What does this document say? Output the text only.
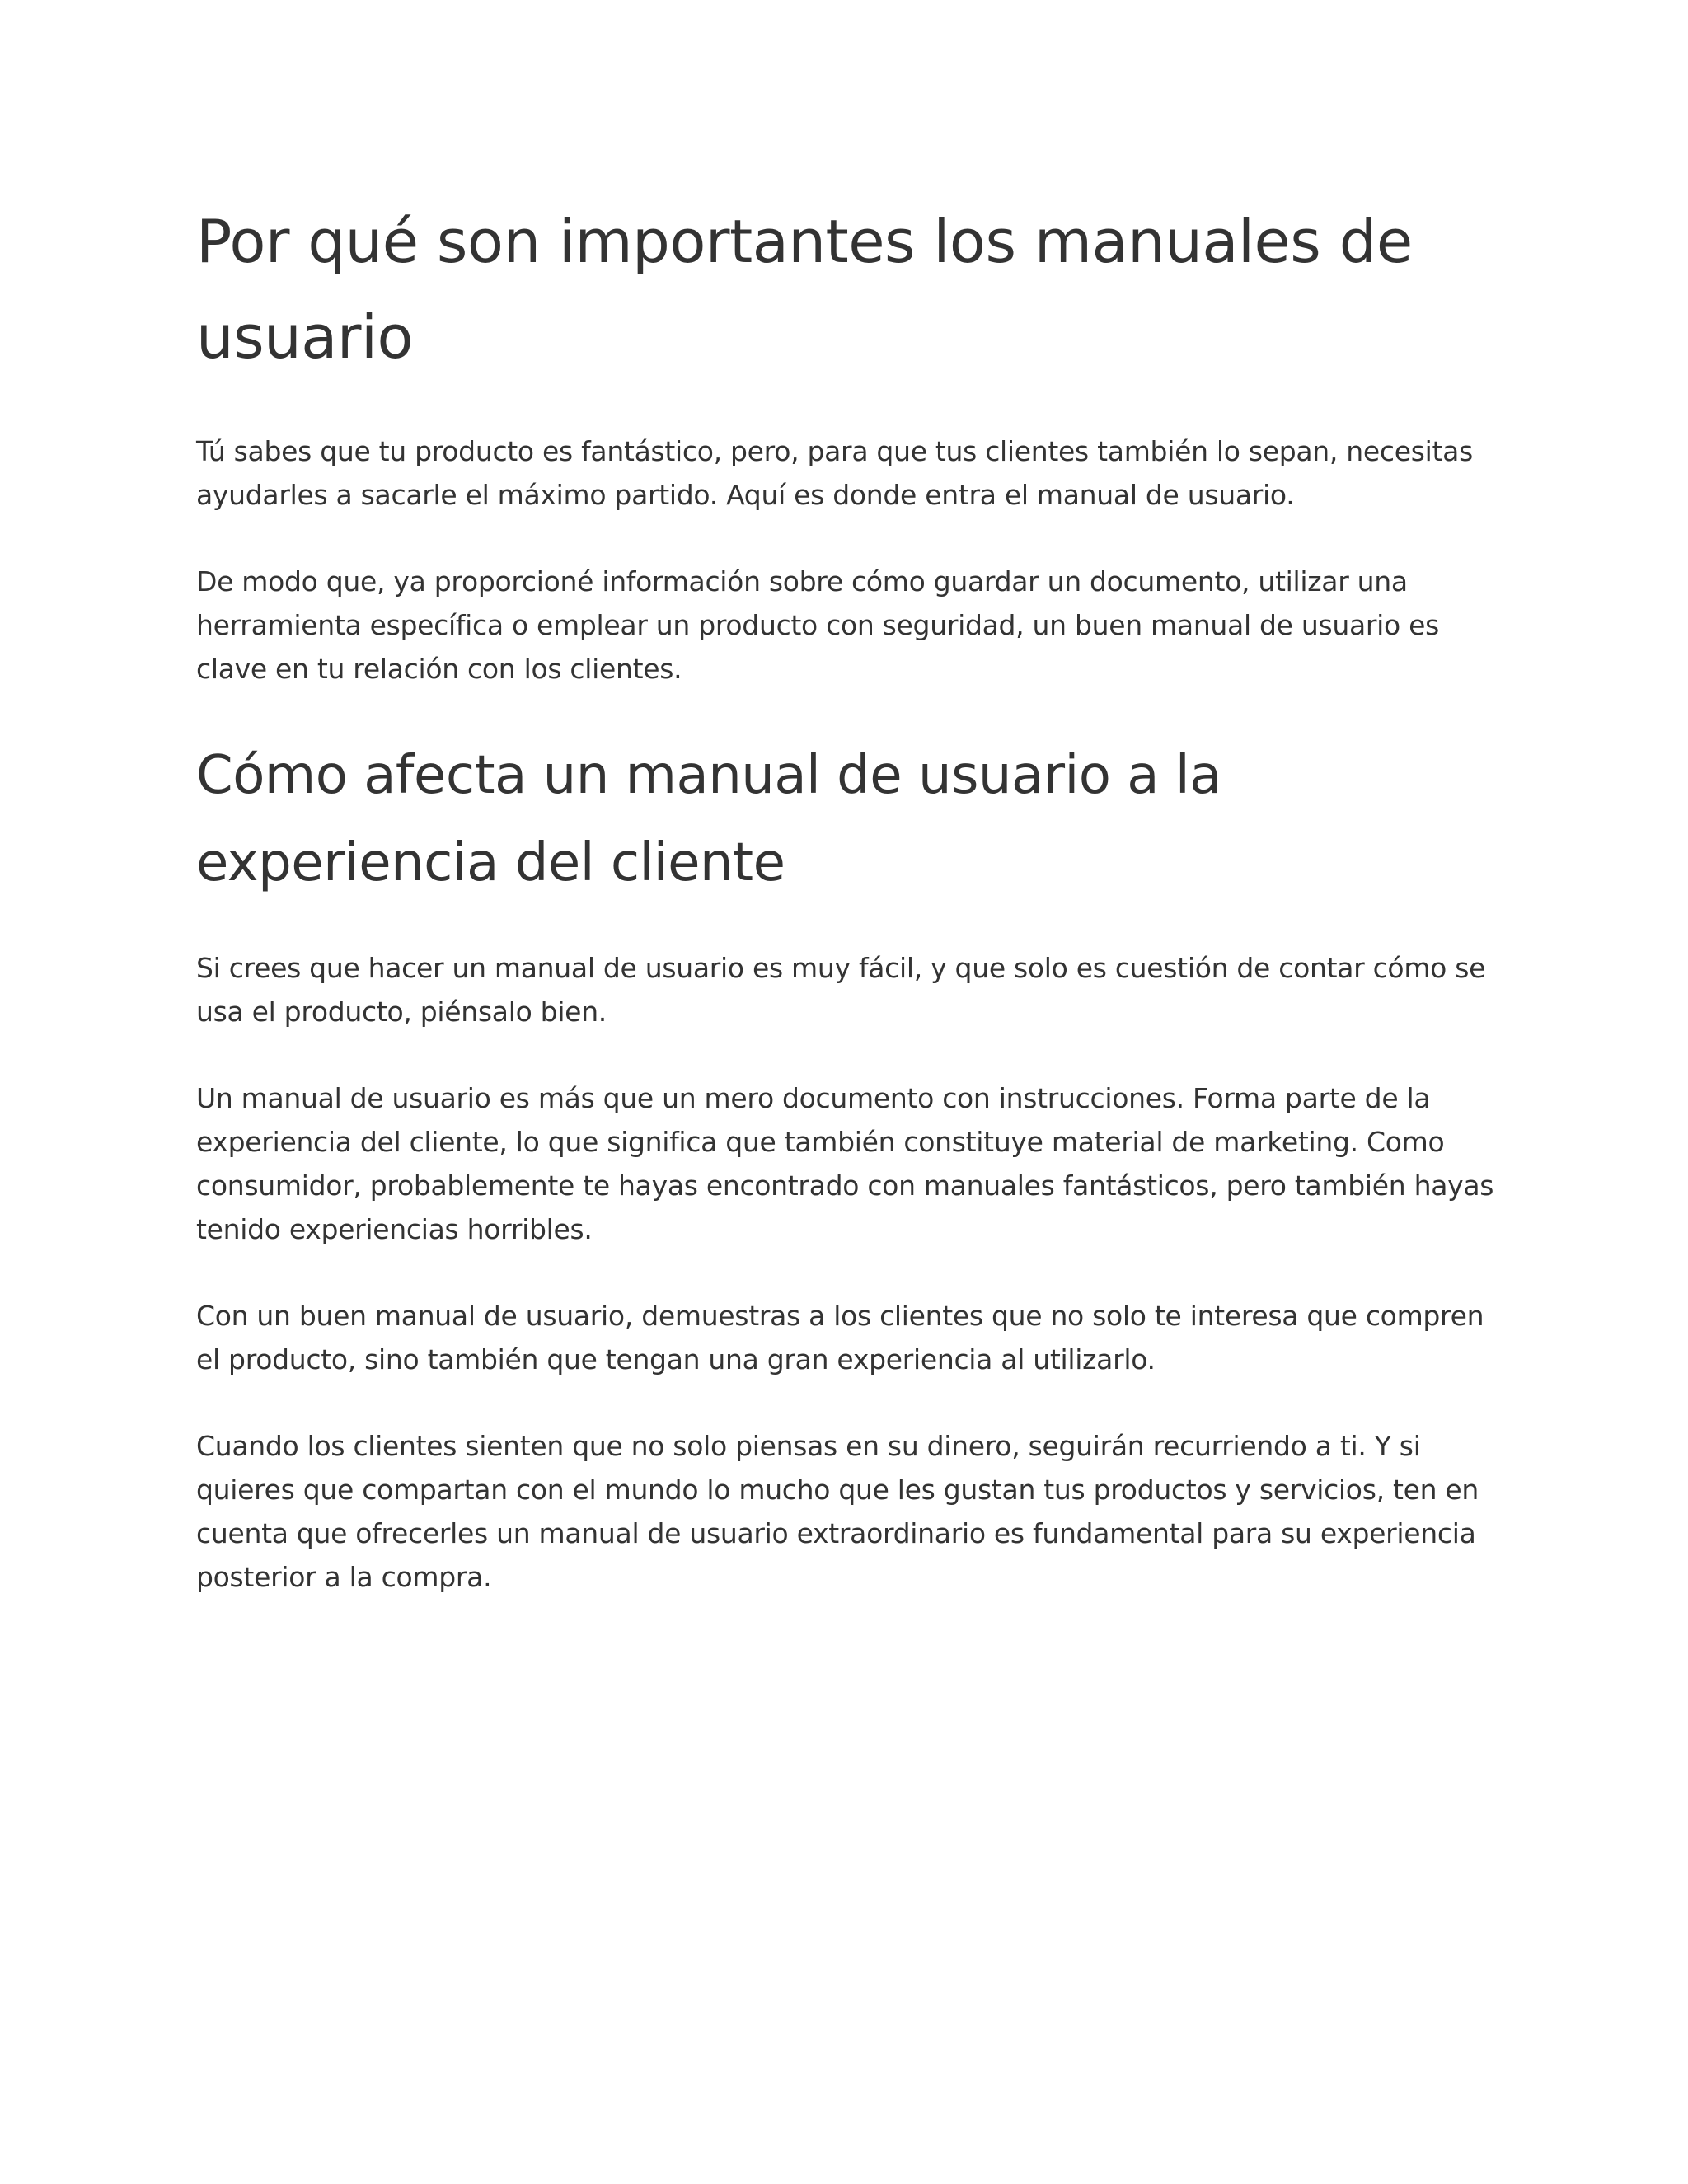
Por qué son importantes los manuales de usuario

Tú sabes que tu producto es fantástico, pero, para que tus clientes también lo sepan, necesitas ayudarles a sacarle el máximo partido. Aquí es donde entra el manual de usuario.

De modo que, ya proporcioné información sobre cómo guardar un documento, utilizar una herramienta específica o emplear un producto con seguridad, un buen manual de usuario es clave en tu relación con los clientes.

Cómo afecta un manual de usuario a la experiencia del cliente

Si crees que hacer un manual de usuario es muy fácil, y que solo es cuestión de contar cómo se usa el producto, piénsalo bien.

Un manual de usuario es más que un mero documento con instrucciones. Forma parte de la experiencia del cliente, lo que significa que también constituye material de marketing. Como consumidor, probablemente te hayas encontrado con manuales fantásticos, pero también hayas tenido experiencias horribles.

Con un buen manual de usuario, demuestras a los clientes que no solo te interesa que compren el producto, sino también que tengan una gran experiencia al utilizarlo.

Cuando los clientes sienten que no solo piensas en su dinero, seguirán recurriendo a ti. Y si quieres que compartan con el mundo lo mucho que les gustan tus productos y servicios, ten en cuenta que ofrecerles un manual de usuario extraordinario es fundamental para su experiencia posterior a la compra.
